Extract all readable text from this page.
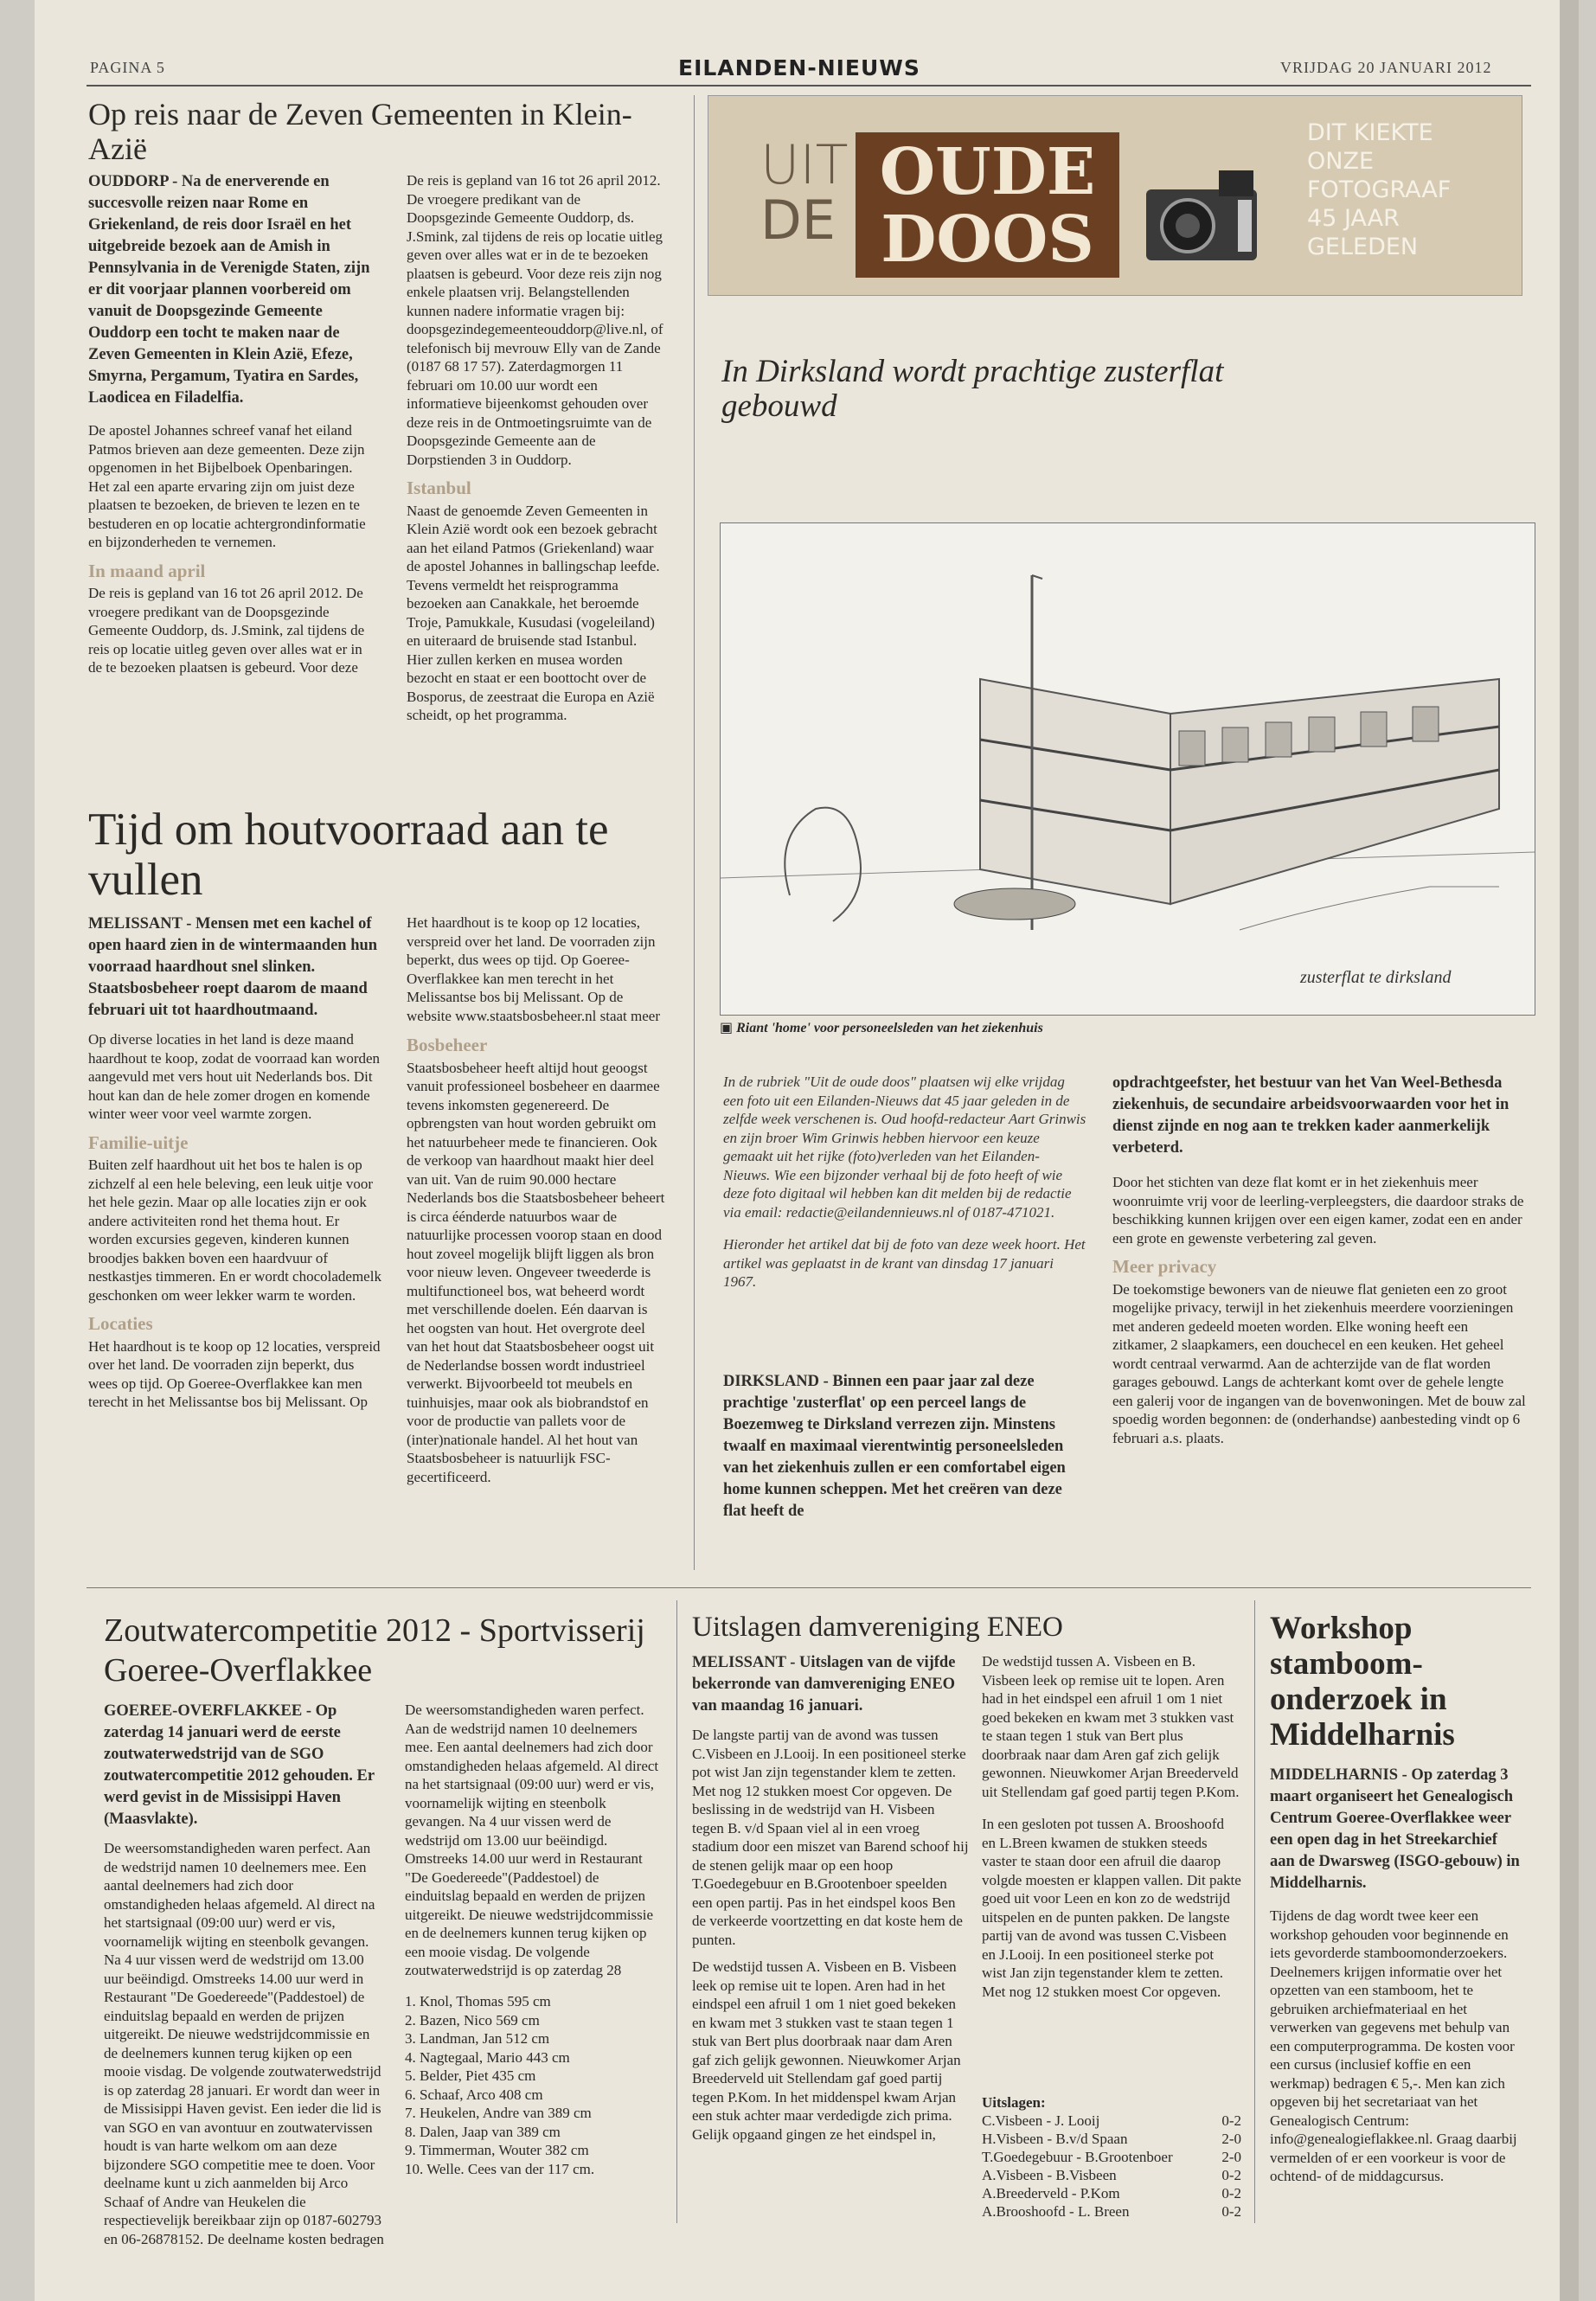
PAGINA 5	EILANDEN-NIEUWS	VRIJDAG 20 JANUARI 2012
Op reis naar de Zeven Gemeenten in Klein-Azië

OUDDORP - Na de enerverende en succesvolle reizen naar Rome en Griekenland, de reis door Israël en het uitgebreide bezoek aan de Amish in Pennsylvania in de Verenigde Staten, zijn er dit voorjaar plannen voorbereid om vanuit de Doopsgezinde Gemeente Ouddorp een tocht te maken naar de Zeven Gemeenten in Klein Azië, Efeze, Smyrna, Pergamum, Tyatira en Sardes, Laodicea en Filadelfia.

De apostel Johannes schreef vanaf het eiland Patmos brieven aan deze gemeenten. Deze zijn opgenomen in het Bijbelboek Openbaringen. Het zal een aparte ervaring zijn om juist deze plaatsen te bezoeken, de brieven te lezen en te bestuderen en op locatie achtergrondinformatie en bijzonderheden te vernemen.

In maand april

De reis is gepland van 16 tot 26 april 2012. De vroegere predikant van de Doopsgezinde Gemeente Ouddorp, ds. J.Smink, zal tijdens de reis op locatie uitleg geven over alles wat er in de te bezoeken plaatsen is gebeurd. Voor deze

De reis is gepland van 16 tot 26 april 2012. De vroegere predikant van de Doopsgezinde Gemeente Ouddorp, ds. J.Smink, zal tijdens de reis op locatie uitleg geven over alles wat er in de te bezoeken plaatsen is gebeurd. Voor deze reis zijn nog enkele plaatsen vrij. Belangstellenden kunnen nadere informatie vragen bij: doopsgezindegemeenteouddorp@live.nl, of telefonisch bij mevrouw Elly van de Zande (0187 68 17 57). Zaterdagmorgen 11 februari om 10.00 uur wordt een informatieve bijeenkomst gehouden over deze reis in de Ontmoetingsruimte van de Doopsgezinde Gemeente aan de Dorpstienden 3 in Ouddorp.

Istanbul

Naast de genoemde Zeven Gemeenten in Klein Azië wordt ook een bezoek gebracht aan het eiland Patmos (Griekenland) waar de apostel Johannes in ballingschap leefde. Tevens vermeldt het reisprogramma bezoeken aan Canakkale, het beroemde Troje, Pamukkale, Kusudasi (vogeleiland) en uiteraard de bruisende stad Istanbul. Hier zullen kerken en musea worden bezocht en staat er een boottocht over de Bosporus, de zeestraat die Europa en Azië scheidt, op het programma.

UIT
DE
OUDE
DOOS
DIT KIEKTE
ONZE
FOTOGRAAF
45 JAAR
GELEDEN
In Dirksland wordt prachtige zusterflat gebouwd
zusterflat te dirksland
▣ Riant 'home' voor personeelsleden van het ziekenhuis

In de rubriek "Uit de oude doos" plaatsen wij elke vrijdag een foto uit een Eilanden-Nieuws dat 45 jaar geleden in de zelfde week verschenen is. Oud hoofd-redacteur Aart Grinwis en zijn broer Wim Grinwis hebben hiervoor een keuze gemaakt uit het rijke (foto)verleden van het Eilanden-Nieuws. Wie een bijzonder verhaal bij de foto heeft of wie deze foto digitaal wil hebben kan dit melden bij de redactie via email: redactie@eilandennieuws.nl of 0187-471021.

Hieronder het artikel dat bij de foto van deze week hoort. Het artikel was geplaatst in de krant van dinsdag 17 januari 1967.

DIRKSLAND - Binnen een paar jaar zal deze prachtige 'zusterflat' op een perceel langs de Boezemweg te Dirksland verrezen zijn. Minstens twaalf en maximaal vierentwintig personeelsleden van het ziekenhuis zullen er een comfortabel eigen home kunnen scheppen. Met het creëren van deze flat heeft de

opdrachtgeefster, het bestuur van het Van Weel-Bethesda ziekenhuis, de secundaire arbeidsvoorwaarden voor het in dienst zijnde en nog aan te trekken kader aanmerkelijk verbeterd.

Door het stichten van deze flat komt er in het ziekenhuis meer woonruimte vrij voor de leerling-verpleegsters, die daardoor straks de beschikking kunnen krijgen over een eigen kamer, zodat een en ander een grote en gewenste verbetering zal geven.

Meer privacy

De toekomstige bewoners van de nieuwe flat genieten een zo groot mogelijke privacy, terwijl in het ziekenhuis meerdere voorzieningen met anderen gedeeld moeten worden. Elke woning heeft een zitkamer, 2 slaapkamers, een douchecel en een keuken. Het geheel wordt centraal verwarmd. Aan de achterzijde van de flat worden garages gebouwd. Langs de achterkant komt over de gehele lengte een galerij voor de ingangen van de bovenwoningen. Met de bouw zal spoedig worden begonnen: de (onderhandse) aanbesteding vindt op 6 februari a.s. plaats.

Tijd om houtvoorraad aan te vullen

MELISSANT - Mensen met een kachel of open haard zien in de wintermaanden hun voorraad haardhout snel slinken. Staatsbosbeheer roept daarom de maand februari uit tot haardhoutmaand.

Op diverse locaties in het land is deze maand haardhout te koop, zodat de voorraad kan worden aangevuld met vers hout uit Nederlands bos. Dit hout kan dan de hele zomer drogen en komende winter weer voor veel warmte zorgen.

Familie-uitje

Buiten zelf haardhout uit het bos te halen is op zichzelf al een hele beleving, een leuk uitje voor het hele gezin. Maar op alle locaties zijn er ook andere activiteiten rond het thema hout. Er worden excursies gegeven, kinderen kunnen broodjes bakken boven een haardvuur of nestkastjes timmeren. En er wordt chocolademelk geschonken om weer lekker warm te worden.

Locaties

Het haardhout is te koop op 12 locaties, verspreid over het land. De voorraden zijn beperkt, dus wees op tijd. Op Goeree-Overflakkee kan men terecht in het Melissantse bos bij Melissant. Op

Het haardhout is te koop op 12 locaties, verspreid over het land. De voorraden zijn beperkt, dus wees op tijd. Op Goeree-Overflakkee kan men terecht in het Melissantse bos bij Melissant. Op de website www.staatsbosbeheer.nl staat meer

Bosbeheer

Staatsbosbeheer heeft altijd hout geoogst vanuit professioneel bosbeheer en daarmee tevens inkomsten gegenereerd. De opbrengsten van hout worden gebruikt om het natuurbeheer mede te financieren. Ook de verkoop van haardhout maakt hier deel van uit. Van de ruim 90.000 hectare Nederlands bos die Staatsbosbeheer beheert is circa éénderde natuurbos waar de natuurlijke processen voorop staan en dood hout zoveel mogelijk blijft liggen als bron voor nieuw leven. Ongeveer tweederde is multifunctioneel bos, wat beheerd wordt met verschillende doelen. Eén daarvan is het oogsten van hout. Het overgrote deel van het hout dat Staatsbosbeheer oogst uit de Nederlandse bossen wordt industrieel verwerkt. Bijvoorbeeld tot meubels en tuinhuisjes, maar ook als biobrandstof en voor de productie van pallets voor de (inter)nationale handel. Al het hout van Staatsbosbeheer is natuurlijk FSC-gecertificeerd.

Zoutwatercompetitie 2012 - Sportvisserij Goeree-Overflakkee

GOEREE-OVERFLAKKEE - Op zaterdag 14 januari werd de eerste zoutwaterwedstrijd van de SGO zoutwatercompetitie 2012 gehouden. Er werd gevist in de Missisippi Haven (Maasvlakte).

De weersomstandigheden waren perfect. Aan de wedstrijd namen 10 deelnemers mee. Een aantal deelnemers had zich door omstandigheden helaas afgemeld. Al direct na het startsignaal (09:00 uur) werd er vis, voornamelijk wijting en steenbolk gevangen. Na 4 uur vissen werd de wedstrijd om 13.00 uur beëindigd. Omstreeks 14.00 uur werd in Restaurant "De Goedereede"(Paddestoel) de einduitslag bepaald en werden de prijzen uitgereikt. De nieuwe wedstrijdcommissie en de deelnemers kunnen terug kijken op een mooie visdag. De volgende zoutwaterwedstrijd is op zaterdag 28 januari. Er wordt dan weer in de Missisippi Haven gevist. Een ieder die lid is van SGO en van avontuur en zoutwatervissen houdt is van harte welkom om aan deze bijzondere SGO competitie mee te doen. Voor deelname kunt u zich aanmelden bij Arco Schaaf of Andre van Heukelen die respectievelijk bereikbaar zijn op 0187-602793 en 06-26878152. De deelname kosten bedragen

De weersomstandigheden waren perfect. Aan de wedstrijd namen 10 deelnemers mee. Een aantal deelnemers had zich door omstandigheden helaas afgemeld. Al direct na het startsignaal (09:00 uur) werd er vis, voornamelijk wijting en steenbolk gevangen. Na 4 uur vissen werd de wedstrijd om 13.00 uur beëindigd. Omstreeks 14.00 uur werd in Restaurant "De Goedereede"(Paddestoel) de einduitslag bepaald en werden de prijzen uitgereikt. De nieuwe wedstrijdcommissie en de deelnemers kunnen terug kijken op een mooie visdag. De volgende zoutwaterwedstrijd is op zaterdag 28

1. Knol, Thomas 595 cm
2. Bazen, Nico 569 cm
3. Landman, Jan 512 cm
4. Nagtegaal, Mario 443 cm
5. Belder, Piet 435 cm
6. Schaaf, Arco 408 cm
7. Heukelen, Andre van 389 cm
8. Dalen, Jaap van 389 cm
9. Timmerman, Wouter 382 cm
10. Welle. Cees van der 117 cm.
Uitslagen damvereniging ENEO

MELISSANT - Uitslagen van de vijfde bekerronde van damvereniging ENEO van maandag 16 januari.

De langste partij van de avond was tussen C.Visbeen en J.Looij. In een positioneel sterke pot wist Jan zijn tegenstander klem te zetten. Met nog 12 stukken moest Cor opgeven. De beslissing in de wedstrijd van H. Visbeen tegen B. v/d Spaan viel al in een vroeg stadium door een miszet van Barend schoof hij de stenen gelijk maar op een hoop T.Goedegebuur en B.Grootenboer speelden een open partij. Pas in het eindspel koos Ben de verkeerde voortzetting en dat koste hem de punten.

De wedstijd tussen A. Visbeen en B. Visbeen leek op remise uit te lopen. Aren had in het eindspel een afruil 1 om 1 niet goed bekeken en kwam met 3 stukken vast te staan tegen 1 stuk van Bert plus doorbraak naar dam Aren gaf zich gelijk gewonnen. Nieuwkomer Arjan Breederveld uit Stellendam gaf goed partij tegen P.Kom. In het middenspel kwam Arjan een stuk achter maar verdedigde zich prima. Gelijk opgaand gingen ze het eindspel in,

De wedstijd tussen A. Visbeen en B. Visbeen leek op remise uit te lopen. Aren had in het eindspel een afruil 1 om 1 niet goed bekeken en kwam met 3 stukken vast te staan tegen 1 stuk van Bert plus doorbraak naar dam Aren gaf zich gelijk gewonnen. Nieuwkomer Arjan Breederveld uit Stellendam gaf goed partij tegen P.Kom.

In een gesloten pot tussen A. Brooshoofd en L.Breen kwamen de stukken steeds vaster te staan door een afruil die daarop volgde moesten er klappen vallen. Dit pakte goed uit voor Leen en kon zo de wedstrijd uitspelen en de punten pakken. De langste partij van de avond was tussen C.Visbeen en J.Looij. In een positioneel sterke pot wist Jan zijn tegenstander klem te zetten. Met nog 12 stukken moest Cor opgeven.

Uitslagen:
C.Visbeen - J. Looij	0-2
H.Visbeen - B.v/d Spaan	2-0
T.Goedegebuur - B.Grootenboer	2-0
A.Visbeen - B.Visbeen	0-2
A.Breederveld - P.Kom	0-2
A.Brooshoofd - L. Breen	0-2
Workshop stamboom-onderzoek in Middelharnis

MIDDELHARNIS - Op zaterdag 3 maart organiseert het Genealogisch Centrum Goeree-Overflakkee weer een open dag in het Streekarchief aan de Dwarsweg (ISGO-gebouw) in Middelharnis.

Tijdens de dag wordt twee keer een workshop gehouden voor beginnende en iets gevorderde stamboomonderzoekers. Deelnemers krijgen informatie over het opzetten van een stamboom, het te gebruiken archiefmateriaal en het verwerken van gegevens met behulp van een computerprogramma. De kosten voor een cursus (inclusief koffie en een werkmap) bedragen € 5,-. Men kan zich opgeven bij het secretariaat van het Genealogisch Centrum: info@genealogieflakkee.nl. Graag daarbij vermelden of er een voorkeur is voor de ochtend- of de middagcursus.
